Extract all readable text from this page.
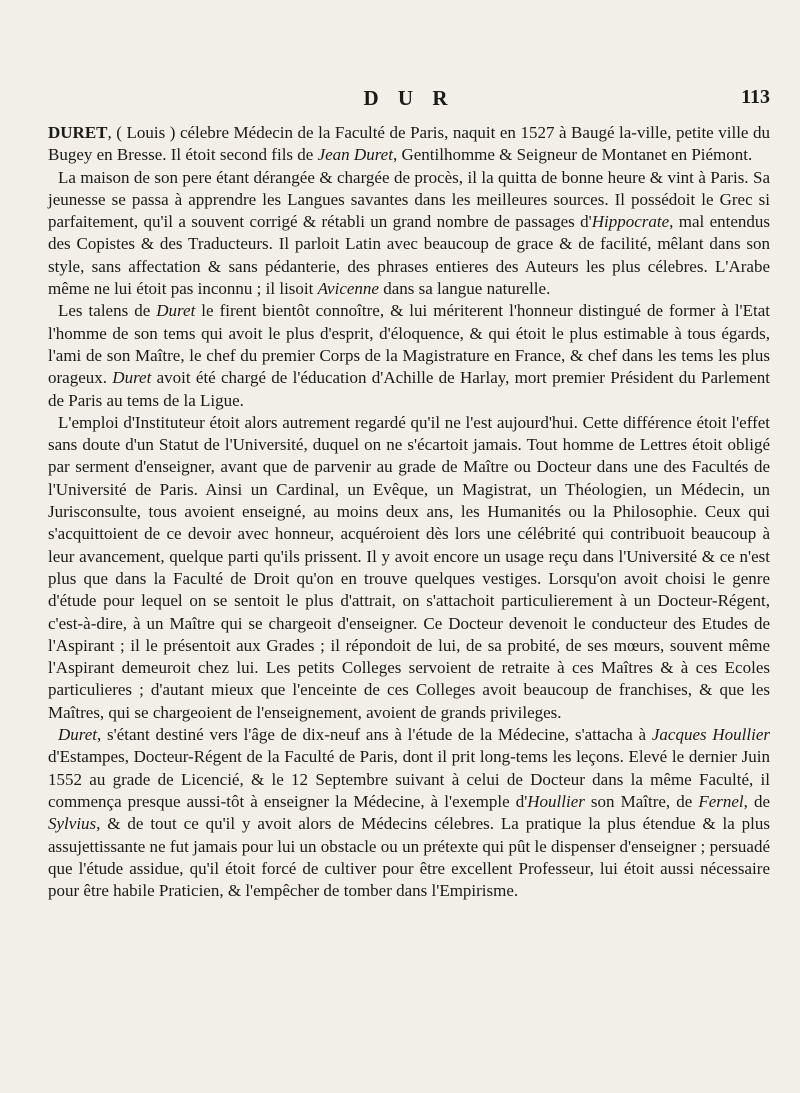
D U R	113

DURET, ( Louis ) célebre Médecin de la Faculté de Paris, naquit en 1527 à Baugé la-ville, petite ville du Bugey en Bresse. Il étoit second fils de Jean Duret, Gentilhomme & Seigneur de Montanet en Piémont.

La maison de son pere étant dérangée & chargée de procès, il la quitta de bonne heure & vint à Paris. Sa jeunesse se passa à apprendre les Langues savantes dans les meilleures sources. Il possédoit le Grec si parfaitement, qu'il a souvent corrigé & rétabli un grand nombre de passages d'Hippocrate, mal entendus des Copistes & des Traducteurs. Il parloit Latin avec beaucoup de grace & de facilité, mêlant dans son style, sans affectation & sans pédanterie, des phrases entieres des Auteurs les plus célebres. L'Arabe même ne lui étoit pas inconnu ; il lisoit Avicenne dans sa langue naturelle.

Les talens de Duret le firent bientôt connoître, & lui mériterent l'honneur distingué de former à l'Etat l'homme de son tems qui avoit le plus d'esprit, d'éloquence, & qui étoit le plus estimable à tous égards, l'ami de son Maître, le chef du premier Corps de la Magistrature en France, & chef dans les tems les plus orageux. Duret avoit été chargé de l'éducation d'Achille de Harlay, mort premier Président du Parlement de Paris au tems de la Ligue.

L'emploi d'Instituteur étoit alors autrement regardé qu'il ne l'est aujourd'hui. Cette différence étoit l'effet sans doute d'un Statut de l'Université, duquel on ne s'écartoit jamais. Tout homme de Lettres étoit obligé par serment d'enseigner, avant que de parvenir au grade de Maître ou Docteur dans une des Facultés de l'Université de Paris. Ainsi un Cardinal, un Evêque, un Magistrat, un Théologien, un Médecin, un Jurisconsulte, tous avoient enseigné, au moins deux ans, les Humanités ou la Philosophie. Ceux qui s'acquittoient de ce devoir avec honneur, acquéroient dès lors une célébrité qui contribuoit beaucoup à leur avancement, quelque parti qu'ils prissent. Il y avoit encore un usage reçu dans l'Université & ce n'est plus que dans la Faculté de Droit qu'on en trouve quelques vestiges. Lorsqu'on avoit choisi le genre d'étude pour lequel on se sentoit le plus d'attrait, on s'attachoit particulierement à un Docteur-Régent, c'est-à-dire, à un Maître qui se chargeoit d'enseigner. Ce Docteur devenoit le conducteur des Etudes de l'Aspirant ; il le présentoit aux Grades ; il répondoit de lui, de sa probité, de ses mœurs, souvent même l'Aspirant demeuroit chez lui. Les petits Colleges servoient de retraite à ces Maîtres & à ces Ecoles particulieres ; d'autant mieux que l'enceinte de ces Colleges avoit beaucoup de franchises, & que les Maîtres, qui se chargeoient de l'enseignement, avoient de grands privileges.

Duret, s'étant destiné vers l'âge de dix-neuf ans à l'étude de la Médecine, s'attacha à Jacques Houllier d'Estampes, Docteur-Régent de la Faculté de Paris, dont il prit long-tems les leçons. Elevé le dernier Juin 1552 au grade de Licencié, & le 12 Septembre suivant à celui de Docteur dans la même Faculté, il commença presque aussi-tôt à enseigner la Médecine, à l'exemple d'Houllier son Maître, de Fernel, de Sylvius, & de tout ce qu'il y avoit alors de Médecins célebres. La pratique la plus étendue & la plus assujettissante ne fut jamais pour lui un obstacle ou un prétexte qui pût le dispenser d'enseigner ; persuadé que l'étude assidue, qu'il étoit forcé de cultiver pour être excellent Professeur, lui étoit aussi nécessaire pour être habile Praticien, & l'empêcher de tomber dans l'Empirisme.
